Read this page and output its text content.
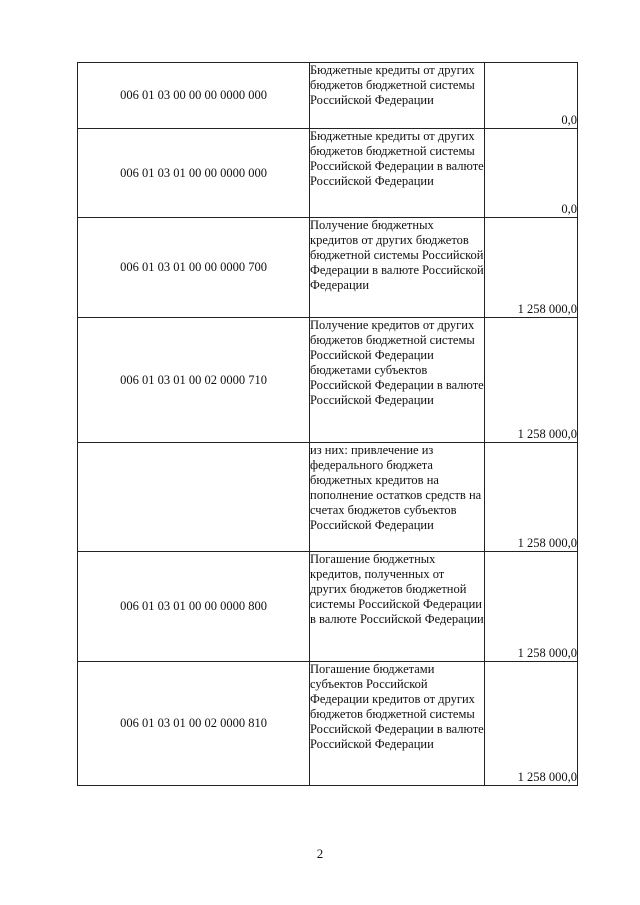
006 01 03 00 00 00 0000 000	Бюджетные кредиты от других бюджетов бюджетной системы Российской Федерации	0,0
006 01 03 01 00 00 0000 000	Бюджетные кредиты от других бюджетов бюджетной системы Российской Федерации в валюте Российской Федерации	0,0
006 01 03 01 00 00 0000 700	Получение бюджетных кредитов от других бюджетов бюджетной системы Российской Федерации в валюте Российской Федерации	1 258 000,0
006 01 03 01 00 02 0000 710	Получение кредитов от других бюджетов бюджетной системы Российской Федерации бюджетами субъектов Российской Федерации в валюте Российской Федерации	1 258 000,0
	из них: привлечение из федерального бюджета бюджетных кредитов на пополнение остатков средств на счетах бюджетов субъектов Российской Федерации	1 258 000,0
006 01 03 01 00 00 0000 800	Погашение бюджетных кредитов, полученных от других бюджетов бюджетной системы Российской Федерации в валюте Российской Федерации	1 258 000,0
006 01 03 01 00 02 0000 810	Погашение бюджетами субъектов Российской Федерации кредитов от других бюджетов бюджетной системы Российской Федерации в валюте Российской Федерации	1 258 000,0
2
